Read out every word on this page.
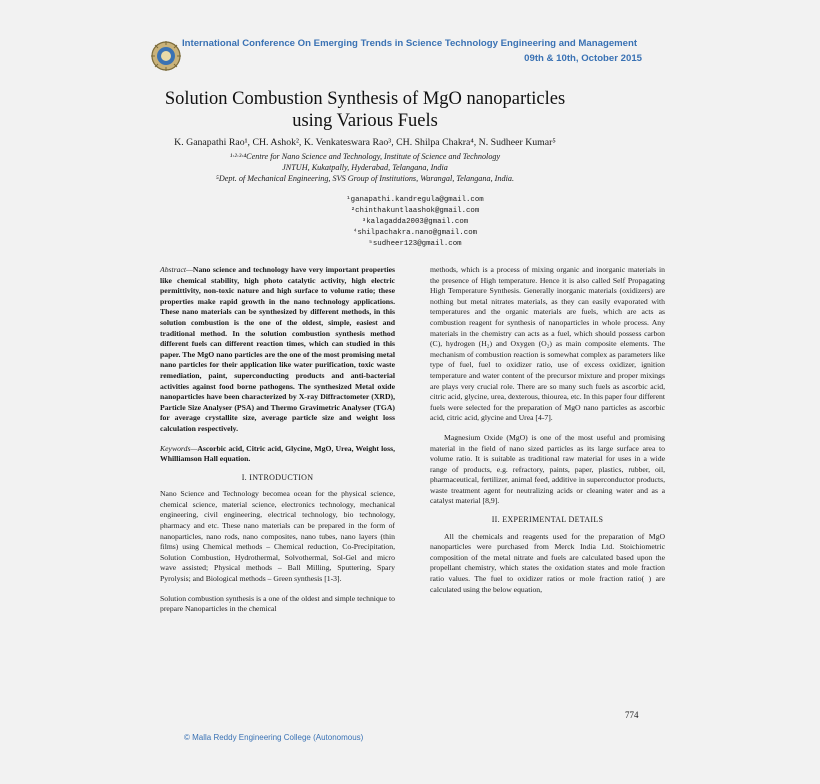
International Conference On Emerging Trends in Science Technology Engineering and Management
09th & 10th, October 2015
Solution Combustion Synthesis of MgO nanoparticles
using Various Fuels
K. Ganapathi Rao¹, CH. Ashok², K. Venkateswara Rao³, CH. Shilpa Chakra⁴, N. Sudheer Kumar⁵
¹·²·³·⁴Centre for Nano Science and Technology, Institute of Science and Technology
JNTUH, Kukatpally, Hyderabad, Telangana, India
⁵Dept. of Mechanical Engineering, SVS Group of Institutions, Warangal, Telangana, India.
¹ganapathi.kandregula@gmail.com
²chinthakuntlaashok@gmail.com
³kalagadda2003@gmail.com
⁴shilpachakra.nano@gmail.com
⁵sudheer123@gmail.com

Abstract—Nano science and technology have very important properties like chemical stability, high photo catalytic activity, high electric permittivity, non-toxic nature and high surface to volume ratio; these properties make rapid growth in the nano technology applications. These nano materials can be synthesized by different methods, in this solution combustion is the one of the oldest, simple, easiest and traditional method. In the solution combustion synthesis method different fuels can different reaction times, which can studied in this paper. The MgO nano particles are the one of the most promising metal nano particles for their application like water purification, toxic waste remediation, paint, superconducting products and anti-bacterial activities against food borne pathogens. The synthesized Metal oxide nanoparticles have been characterized by X-ray Diffractometer (XRD), Particle Size Analyser (PSA) and Thermo Gravimetric Analyser (TGA) for average crystallite size, average particle size and weight loss calculation respectively.

Keywords—Ascorbic acid, Citric acid, Glycine, MgO, Urea, Weight loss, Whilliamson Hall equation.

I. INTRODUCTION

Nano Science and Technology becomea ocean for the physical science, chemical science, material science, electronics technology, mechanical engineering, civil engineering, electrical technology, bio technology, pharmacy and etc. These nano materials can be prepared in the form of nanoparticles, nano rods, nano composites, nano tubes, nano layers (thin films) using Chemical methods – Chemical reduction, Co-Precipitation, Solution Combustion, Hydrothermal, Solvothermal, Sol-Gel and micro wave assisted; Physical methods – Ball Milling, Sputtering, Spary Pyrolysis; and Biological methods – Green synthesis [1-3].

Solution combustion synthesis is a one of the oldest and simple technique to prepare Nanoparticles in the chemical

methods, which is a process of mixing organic and inorganic materials in the presence of High temperature. Hence it is also called Self Propagating High Temperature Synthesis. Generally inorganic materials (oxidizers) are nothing but metal nitrates materials, as they can easily evaporated with temperatures and the organic materials are fuels, which are acts as combustion reagent for synthesis of nanoparticles in whole process. Any materials in the chemistry can acts as a fuel, which should possess carbon (C), hydrogen (H₂) and Oxygen (O₂) as main composite elements. The mechanism of combustion reaction is somewhat complex as parameters like type of fuel, fuel to oxidizer ratio, use of excess oxidizer, ignition temperature and water content of the precursor mixture and proper mixings are plays very crucial role. There are so many such fuels as ascorbic acid, citric acid, glycine, urea, dexterous, thiourea, etc. In this paper four different fuels were selected for the preparation of MgO nano particles as ascorbic acid, citric acid, glycine and Urea [4-7].

Magnesium Oxide (MgO) is one of the most useful and promising material in the field of nano sized particles as its large surface area to volume ratio. It is suitable as traditional raw material for uses in a wide range of products, e.g. refractory, paints, paper, plastics, rubber, oil, pharmaceutical, fertilizer, animal feed, additive in superconductor products, waste treatment agent for neutralizing acids or cleaning water and as a catalyst material [8,9].

II. EXPERIMENTAL DETAILS

All the chemicals and reagents used for the preparation of MgO nanoparticles were purchased from Merck India Ltd. Stoichiometric composition of the metal nitrate and fuels are calculated based upon the propellant chemistry, which states the oxidation states and mole fraction ratio values. The fuel to oxidizer ratios or mole fraction ratio( ) are calculated using the below equation,

774
© Malla Reddy Engineering College (Autonomous)
